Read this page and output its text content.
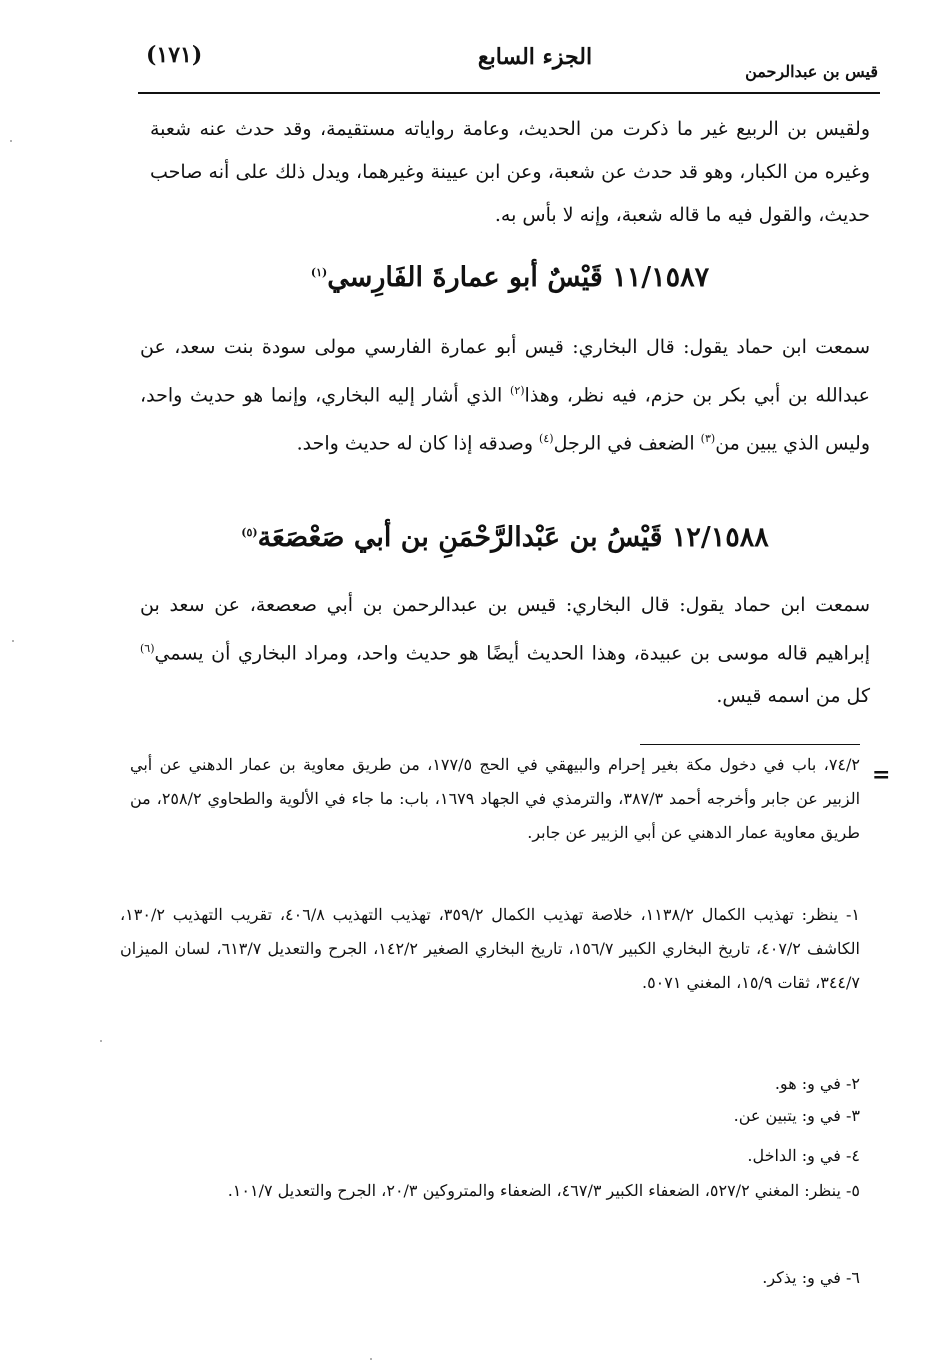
(١٧١)	الجزء السابع
قيس بن عبدالرحمن
ولقيس بن الربيع غير ما ذكرت من الحديث، وعامة رواياته مستقيمة، وقد حدث عنه شعبة وغيره من الكبار، وهو قد حدث عن شعبة، وعن ابن عيينة وغيرهما، ويدل ذلك على أنه صاحب حديث، والقول فيه ما قاله شعبة، وإنه لا بأس به.
١١/١٥٨٧ قَيْسٌ أبو عمارةَ الفَارِسي$^{(١)}$
سمعت ابن حماد يقول: قال البخاري: قيس أبو عمارة الفارسي مولى سودة بنت سعد، عن عبدالله بن أبي بكر بن حزم، فيه نظر، وهذا$^{(٢)}$ الذي أشار إليه البخاري، وإنما هو حديث واحد، وليس الذي يبين من$^{(٣)}$ الضعف في الرجل$^{(٤)}$ وصدقه إذا كان له حديث واحد.
١٢/١٥٨٨ قَيْسُ بن عَبْدالرَّحْمَنِ بن أبي صَعْصَعَة$^{(٥)}$
سمعت ابن حماد يقول: قال البخاري: قيس بن عبدالرحمن بن أبي صعصعة، عن سعد بن إبراهيم قاله موسى بن عبيدة، وهذا الحديث أيضًا هو حديث واحد، ومراد البخاري أن يسمي$^{(٦)}$ كل من اسمه قيس.
=
٧٤/٢، باب في دخول مكة بغير إحرام والبيهقي في الحج ١٧٧/٥، من طريق معاوية بن عمار الدهني عن أبي الزبير عن جابر وأخرجه أحمد ٣٨٧/٣، والترمذي في الجهاد ١٦٧٩، باب: ما جاء في الألوية والطحاوي ٢٥٨/٢، من طريق معاوية عمار الدهني عن أبي الزبير عن جابر.
١- ينظر: تهذيب الكمال ١١٣٨/٢، خلاصة تهذيب الكمال ٣٥٩/٢، تهذيب التهذيب ٤٠٦/٨، تقريب التهذيب ١٣٠/٢، الكاشف ٤٠٧/٢، تاريخ البخاري الكبير ١٥٦/٧، تاريخ البخاري الصغير ١٤٢/٢، الجرح والتعديل ٦١٣/٧، لسان الميزان ٣٤٤/٧، ثقات ١٥/٩، المغني ٥٠٧١.
٢- في و: هو.
٣- في و: يتبين عن.
٤- في و: الداخل.
٥- ينظر: المغني ٥٢٧/٢، الضعفاء الكبير ٤٦٧/٣، الضعفاء والمتروكين ٢٠/٣، الجرح والتعديل ١٠١/٧.
٦- في و: يذكر.
